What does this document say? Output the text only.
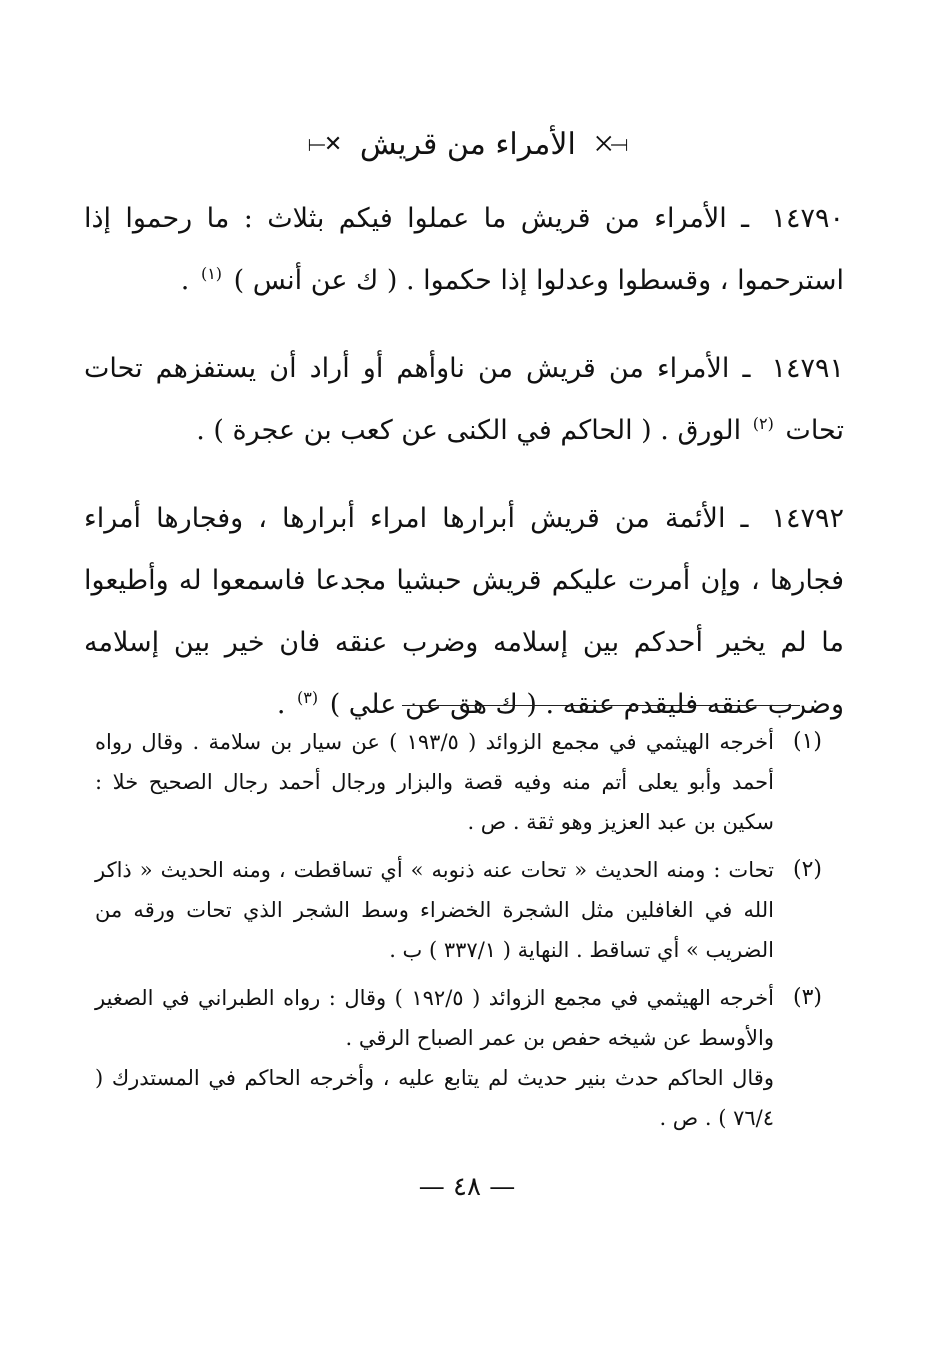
⟝✕ الأمراء من قريش ✕⟞

١٤٧٩٠ ـ الأمراء من قريش ما عملوا فيكم بثلاث : ما رحموا إذا استرحموا ، وقسطوا وعدلوا إذا حكموا . ( ك عن أنس ) $^{(١)}$ .

١٤٧٩١ ـ الأمراء من قريش من ناوأهم أو أراد أن يستفزهم تحات تحات $^{(٢)}$ الورق . ( الحاكم في الكنى عن كعب بن عجرة ) .

١٤٧٩٢ ـ الأئمة من قريش أبرارها امراء أبرارها ، وفجارها أمراء فجارها ، وإن أمرت عليكم قريش حبشيا مجدعا فاسمعوا له وأطيعوا ما لم يخير أحدكم بين إسلامه وضرب عنقه فان خير بين إسلامه وضرب عنقه فليقدم عنقه . ( ك هق عن علي ) $^{(٣)}$ .

(١)
أخرجه الهيثمي في مجمع الزوائد ( ١٩٣/٥ ) عن سيار بن سلامة . وقال رواه أحمد وأبو يعلى أتم منه وفيه قصة والبزار ورجال أحمد رجال الصحيح خلا : سكين بن عبد العزيز وهو ثقة . ص .
(٢)
تحات : ومنه الحديث « تحات عنه ذنوبه » أي تساقطت ، ومنه الحديث « ذاكر الله في الغافلين مثل الشجرة الخضراء وسط الشجر الذي تحات ورقه من الضريب » أي تساقط . النهاية ( ٣٣٧/١ ) ب .
(٣)
أخرجه الهيثمي في مجمع الزوائد ( ١٩٢/٥ ) وقال : رواه الطبراني في الصغير والأوسط عن شيخه حفص بن عمر الصباح الرقي .
وقال الحاكم حدث بنير حديث لم يتابع عليه ، وأخرجه الحاكم في المستدرك ( ٧٦/٤ ) . ص .
— ٤٨ —
